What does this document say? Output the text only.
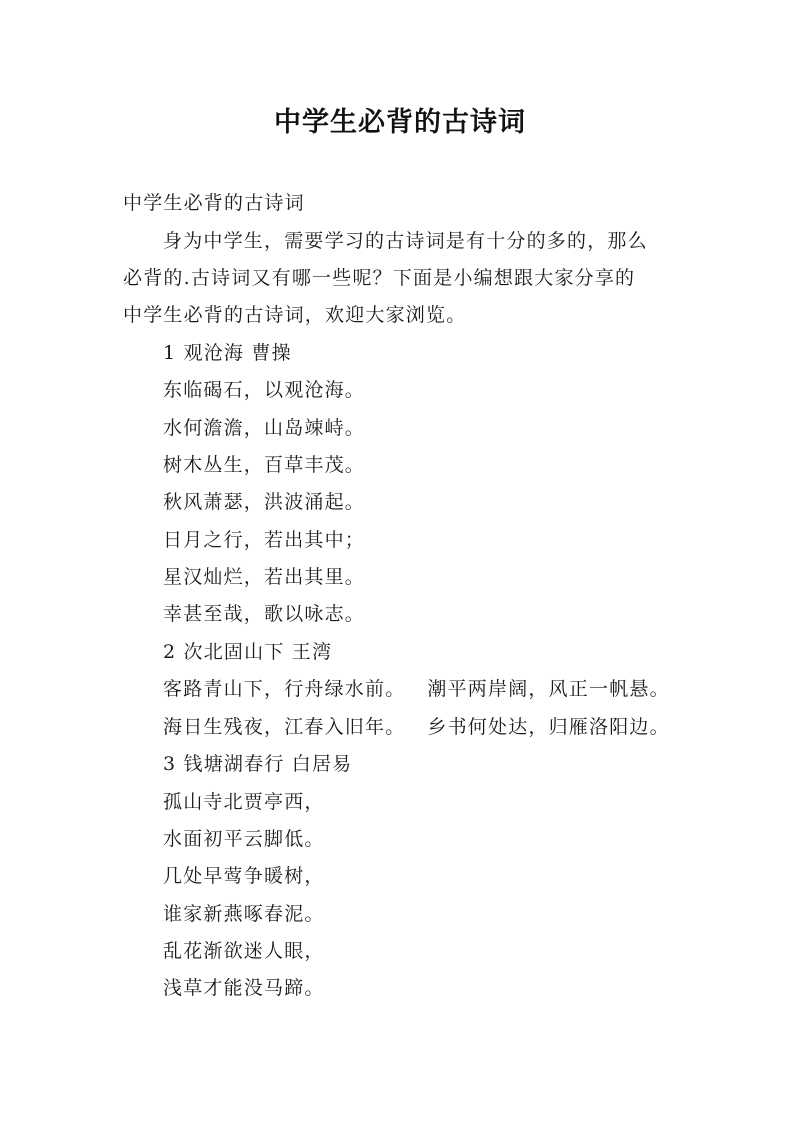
中学生必背的古诗词
中学生必背的古诗词
身为中学生，需要学习的古诗词是有十分的多的，那么
必背的.古诗词又有哪一些呢？下面是小编想跟大家分享的
中学生必背的古诗词，欢迎大家浏览。
1 观沧海 曹操
东临碣石，以观沧海。
水何澹澹，山岛竦峙。
树木丛生，百草丰茂。
秋风萧瑟，洪波涌起。
日月之行，若出其中；
星汉灿烂，若出其里。
幸甚至哉，歌以咏志。
2 次北固山下 王湾
客路青山下，行舟绿水前。 潮平两岸阔，风正一帆悬。
海日生残夜，江春入旧年。 乡书何处达，归雁洛阳边。
3 钱塘湖春行 白居易
孤山寺北贾亭西，
水面初平云脚低。
几处早莺争暖树，
谁家新燕啄春泥。
乱花渐欲迷人眼，
浅草才能没马蹄。
